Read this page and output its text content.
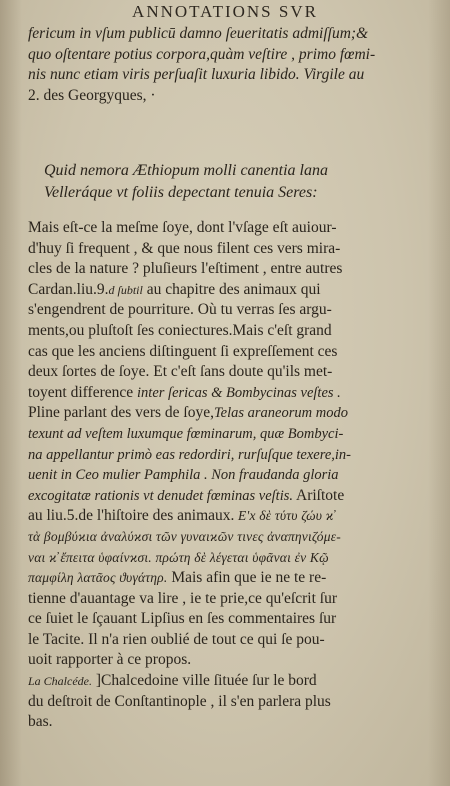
ANNOTATIONS SVR
fericum in vſum publicū damno ſeueritatis admiſſum;&
quo oſtentare potius corpora,quàm veſtire , primo fœmi-
nis nunc etiam viris perſuaſit luxuria libido. Virgile au
2. des Georgyques, ·
Quid nemora Æthiopum molli canentia lana
Velleráque vt foliis depectant tenuia Seres:
Mais eſt-ce la meſme ſoye, dont l'vſage eſt auiour-
d'huy ſi frequent , & que nous filent ces vers mira-
cles de la nature ? pluſieurs l'eſtiment , entre autres
Cardan.liu.9.d ſubtil au chapitre des animaux qui
s'engendrent de pourriture. Où tu verras ſes argu-
ments,ou pluſtoſt ſes coniectures.Mais c'eſt grand
cas que les anciens diſtinguent ſi expreſſement ces
deux ſortes de ſoye. Et c'eſt ſans doute qu'ils met-
toyent difference inter ſericas & Bombycinas veſtes .
Pline parlant des vers de ſoye,Telas araneorum modo
texunt ad veſtem luxumque fœminarum, quæ Bombyci-
na appellantur primò eas redordiri, rurſuſque texere,in-
uenit in Ceo mulier Pamphila . Non fraudanda gloria
excogitatæ rationis vt denudet fœminas veſtis. Ariſtote
au liu.5.de l'hiſtoire des animaux. E'x δὲ τύτυ ζώυ ϰ̓
τὰ βομβύϰια ἀναλύϰσι τῶν γυναιϰῶν τινες ἀναπηνιζόμε-
ναι ϰ̓ ἔπειτα ὑφαίνϰσι. πρώτη δὲ λέγεται ὑφᾶναι ἐν Κῷ
παμφίλη λατᾶος ϑυγάτηρ. Mais afin que ie ne te re-
tienne d'auantage va lire , ie te prie,ce qu'eſcrit ſur
ce ſuiet le ſçauant Lipſius en ſes commentaires ſur
le Tacite. Il n'a rien oublié de tout ce qui ſe pou-
uoit rapporter à ce propos.
La Chalcéde. ]Chalcedoine ville ſituée ſur le bord
du deſtroit de Conſtantinople , il s'en parlera plus
bas.
